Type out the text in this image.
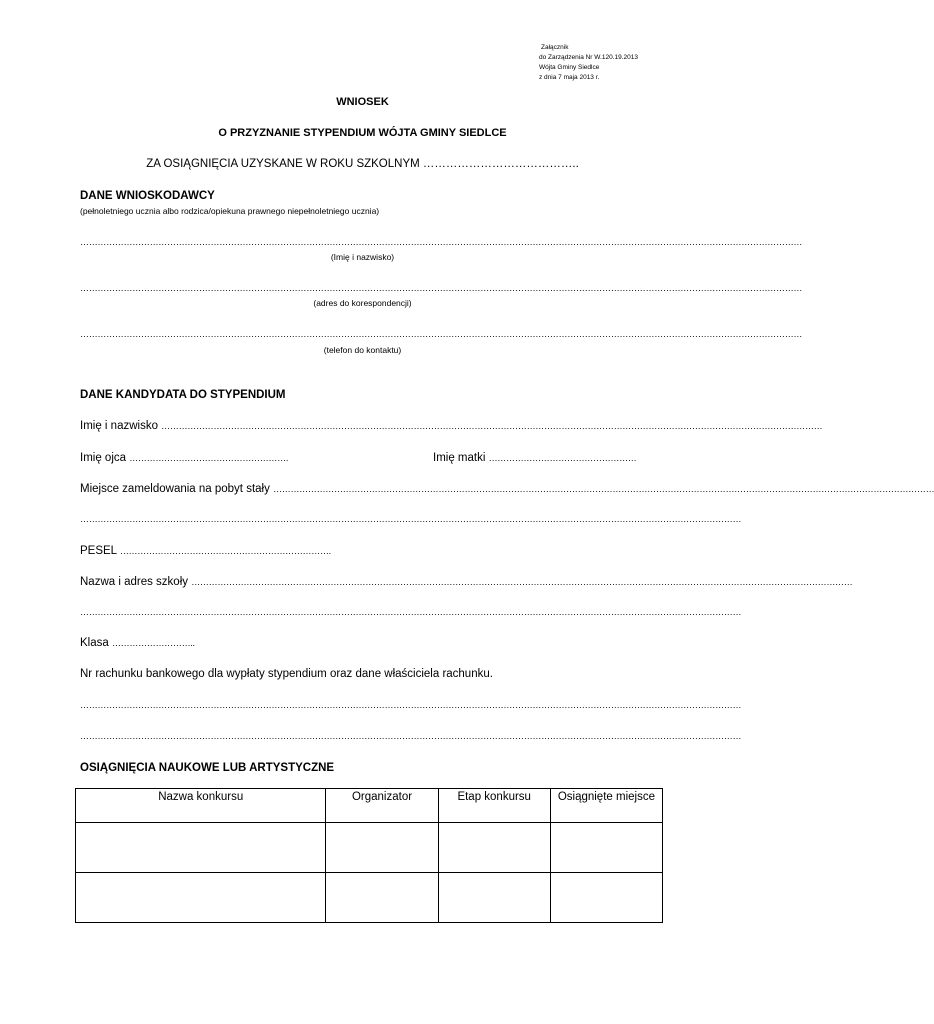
Załącznik
do Zarządzenia Nr W.120.19.2013
Wójta Gminy Siedlce
z dnia 7 maja 2013 r.
WNIOSEK
O PRZYZNANIE STYPENDIUM WÓJTA GMINY SIEDLCE
ZA OSIĄGNIĘCIA UZYSKANE W ROKU SZKOLNYM …………………………………..
DANE WNIOSKODAWCY
(pełnoletniego ucznia albo rodzica/opiekuna prawnego niepełnoletniego ucznia)
……………………………………………………………………………………………………………………………………………………………………………………………………………………………
(Imię i nazwisko)
……………………………………………………………………………………………………………………………………………………………………………………………………………………………
(adres do korespondencji)
……………………………………………………………………………………………………………………………………………………………………………………………………………………………
(telefon do kontaktu)
DANE KANDYDATA DO STYPENDIUM
Imię i nazwisko …………………………………………………………………………………………………………………………………………………………………………………………………………
Imię ojca ……………………………………………….	Imię matki ……………………………………………
Miejsce zameldowania na pobyt stały …………………………………………………………………………………………………………………………………………………………………………………………………………
…………………………………………………………………………………………………………………………………………………………………………………………………………
PESEL ……………………………………………………………….
Nazwa i adres szkoły …………………………………………………………………………………………………………………………………………………………………………………………………………
…………………………………………………………………………………………………………………………………………………………………………………………………………
Klasa ………………………..
Nr rachunku bankowego dla wypłaty stypendium oraz dane właściciela rachunku.
…………………………………………………………………………………………………………………………………………………………………………………………………………
…………………………………………………………………………………………………………………………………………………………………………………………………………
OSIĄGNIĘCIA NAUKOWE LUB ARTYSTYCZNE
Nazwa konkursu	Organizator	Etap konkursu	Osiągnięte miejsce
